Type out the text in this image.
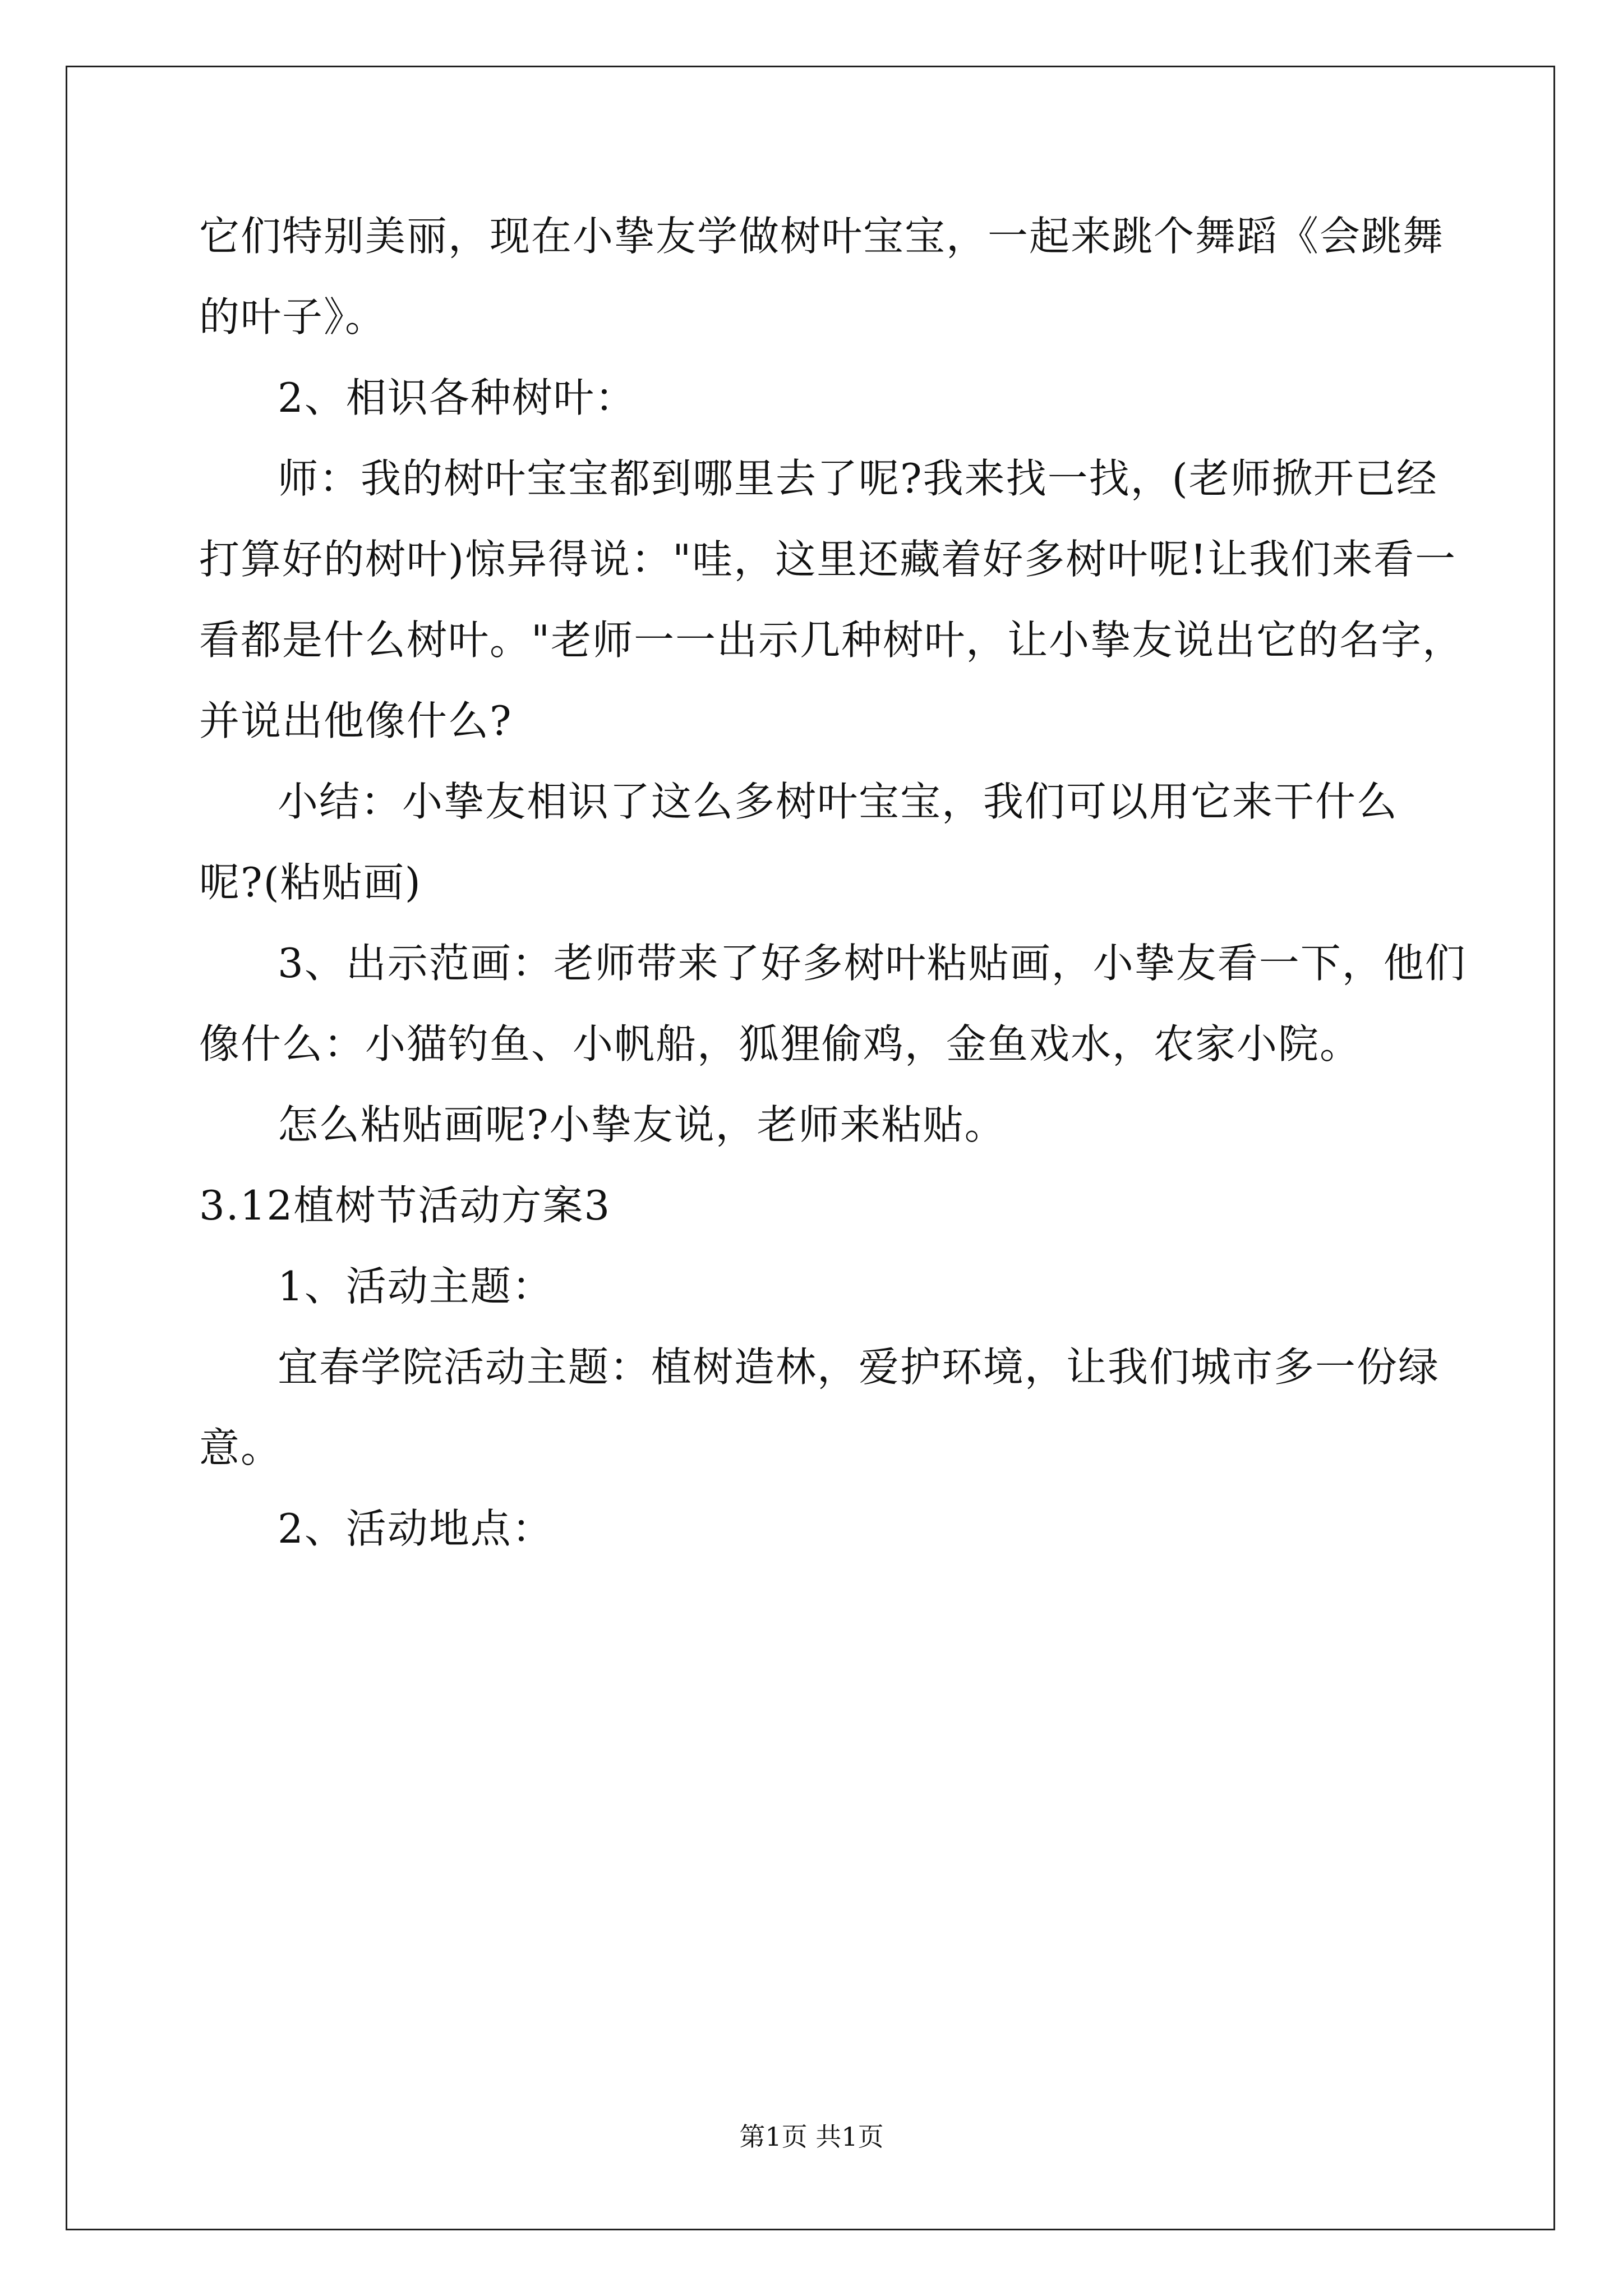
它们特别美丽，现在小挚友学做树叶宝宝，一起来跳个舞蹈《会跳舞
的叶子》。
2、相识各种树叶：
师：我的树叶宝宝都到哪里去了呢?我来找一找，(老师掀开已经
打算好的树叶)惊异得说："哇，这里还藏着好多树叶呢!让我们来看一
看都是什么树叶。"老师一一出示几种树叶，让小挚友说出它的名字，
并说出他像什么?
小结：小挚友相识了这么多树叶宝宝，我们可以用它来干什么
呢?(粘贴画)
3、出示范画：老师带来了好多树叶粘贴画，小挚友看一下，他们
像什么：小猫钓鱼、小帆船，狐狸偷鸡，金鱼戏水，农家小院。
怎么粘贴画呢?小挚友说，老师来粘贴。
3.12植树节活动方案3
1、活动主题：
宜春学院活动主题：植树造林，爱护环境，让我们城市多一份绿
意。
2、活动地点：
第1页 共1页
